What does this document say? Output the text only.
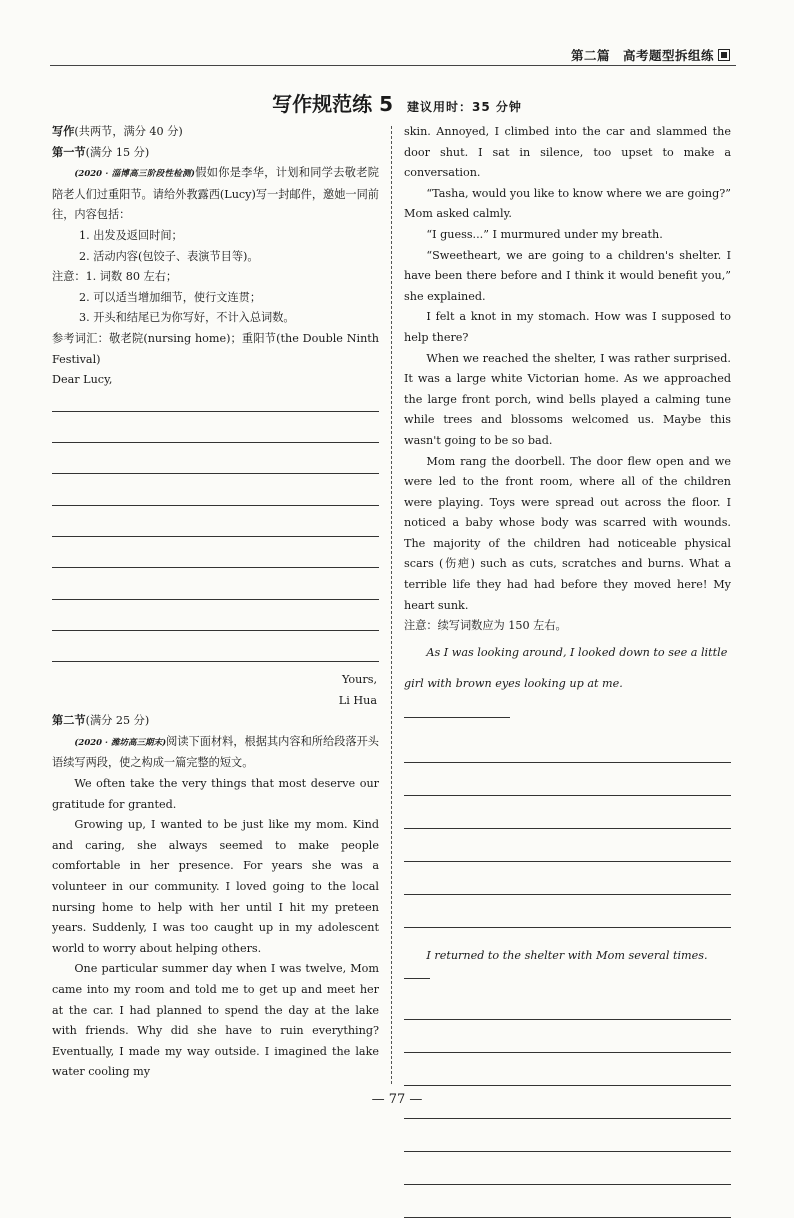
第二篇　高考题型拆组练
写作规范练 5 建议用时：35 分钟

写作(共两节，满分 40 分)

第一节(满分 15 分)

(2020 · 淄博高三阶段性检测)假如你是李华，计划和同学去敬老院陪老人们过重阳节。请给外教露西(Lucy)写一封邮件，邀她一同前往，内容包括：

1. 出发及返回时间；

2. 活动内容(包饺子、表演节目等)。

注意：1. 词数 80 左右；

2. 可以适当增加细节，使行文连贯；

3. 开头和结尾已为你写好，不计入总词数。

参考词汇：敬老院(nursing home)；重阳节(the Double Ninth Festival)

Dear Lucy,

Yours,

Li Hua

第二节(满分 25 分)

(2020 · 潍坊高三期末)阅读下面材料，根据其内容和所给段落开头语续写两段，使之构成一篇完整的短文。

We often take the very things that most deserve our gratitude for granted.

Growing up, I wanted to be just like my mom. Kind and caring, she always seemed to make people comfortable in her presence. For years she was a volunteer in our community. I loved going to the local nursing home to help with her until I hit my preteen years. Suddenly, I was too caught up in my adolescent world to worry about helping others.

One particular summer day when I was twelve, Mom came into my room and told me to get up and meet her at the car. I had planned to spend the day at the lake with friends. Why did she have to ruin everything? Eventually, I made my way outside. I imagined the lake water cooling my

skin. Annoyed, I climbed into the car and slammed the door shut. I sat in silence, too upset to make a conversation.

“Tasha, would you like to know where we are going?” Mom asked calmly.

“I guess...” I murmured under my breath.

“Sweetheart, we are going to a children's shelter. I have been there before and I think it would benefit you,” she explained.

I felt a knot in my stomach. How was I supposed to help there?

When we reached the shelter, I was rather surprised. It was a large white Victorian home. As we approached the large front porch, wind bells played a calming tune while trees and blossoms welcomed us. Maybe this wasn't going to be so bad.

Mom rang the doorbell. The door flew open and we were led to the front room, where all of the children were playing. Toys were spread out across the floor. I noticed a baby whose body was scarred with wounds. The majority of the children had noticeable physical scars (伤疤) such as cuts, scratches and burns. What a terrible life they had had before they moved here! My heart sunk.

注意：续写词数应为 150 左右。

As I was looking around, I looked down to see a little girl with brown eyes looking up at me.

I returned to the shelter with Mom several times.

— 77 —
